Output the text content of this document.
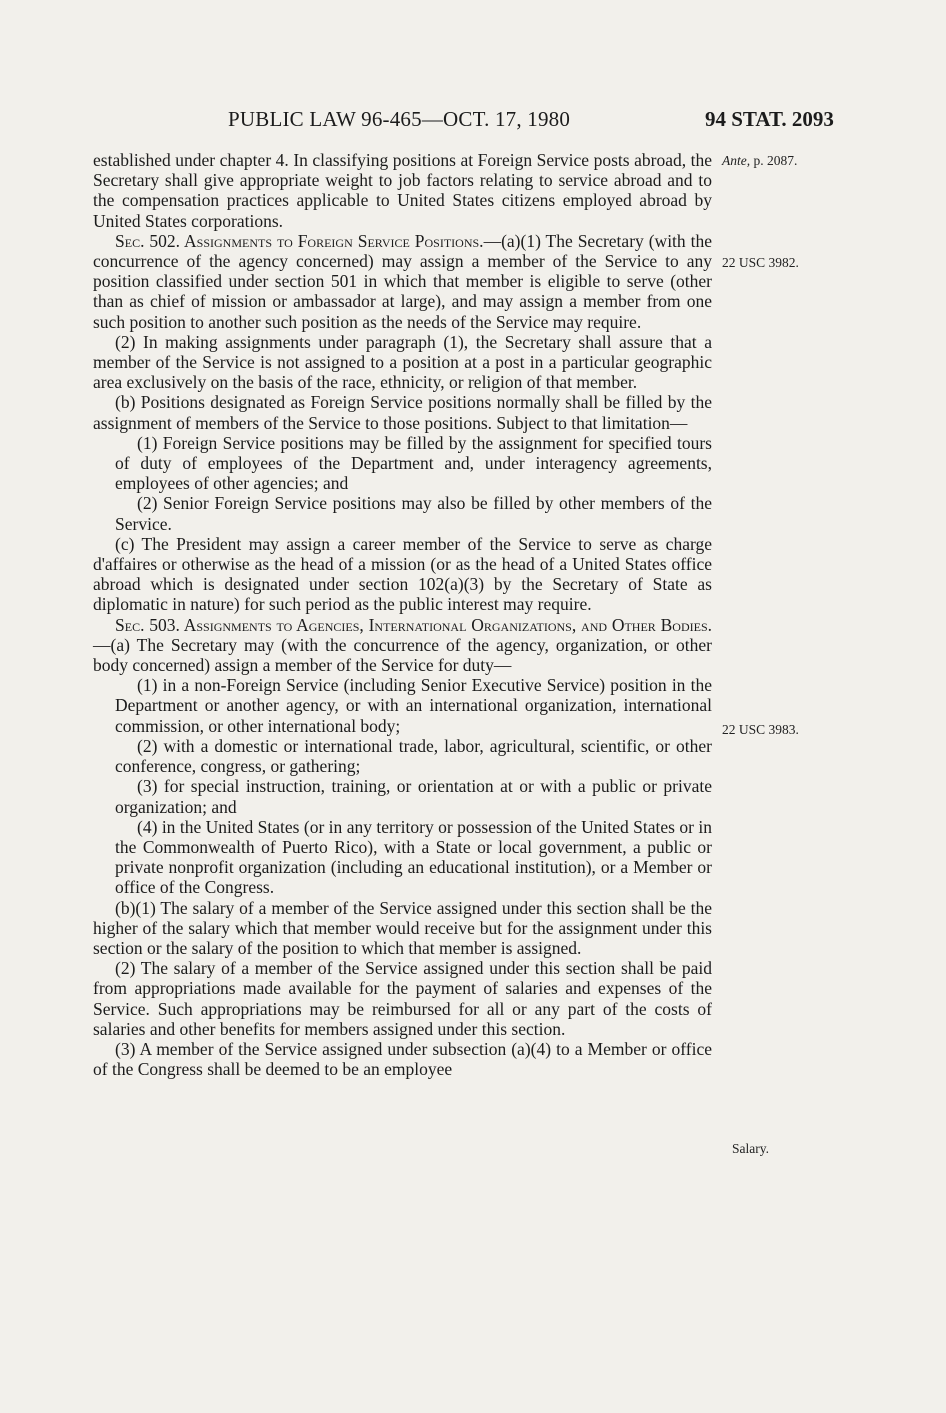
PUBLIC LAW 96-465—OCT. 17, 1980	94 STAT. 2093
Ante, p. 2087.
22 USC 3982.
22 USC 3983.
Salary.

established under chapter 4. In classifying positions at Foreign Service posts abroad, the Secretary shall give appropriate weight to job factors relating to service abroad and to the compensation practices applicable to United States citizens employed abroad by United States corporations.

Sec. 502. Assignments to Foreign Service Positions.—(a)(1) The Secretary (with the concurrence of the agency concerned) may assign a member of the Service to any position classified under section 501 in which that member is eligible to serve (other than as chief of mission or ambassador at large), and may assign a member from one such position to another such position as the needs of the Service may require.

(2) In making assignments under paragraph (1), the Secretary shall assure that a member of the Service is not assigned to a position at a post in a particular geographic area exclusively on the basis of the race, ethnicity, or religion of that member.

(b) Positions designated as Foreign Service positions normally shall be filled by the assignment of members of the Service to those positions. Subject to that limitation—

(1) Foreign Service positions may be filled by the assignment for specified tours of duty of employees of the Department and, under interagency agreements, employees of other agencies; and

(2) Senior Foreign Service positions may also be filled by other members of the Service.

(c) The President may assign a career member of the Service to serve as charge d'affaires or otherwise as the head of a mission (or as the head of a United States office abroad which is designated under section 102(a)(3) by the Secretary of State as diplomatic in nature) for such period as the public interest may require.

Sec. 503. Assignments to Agencies, International Organizations, and Other Bodies.—(a) The Secretary may (with the concurrence of the agency, organization, or other body concerned) assign a member of the Service for duty—

(1) in a non-Foreign Service (including Senior Executive Service) position in the Department or another agency, or with an international organization, international commission, or other international body;

(2) with a domestic or international trade, labor, agricultural, scientific, or other conference, congress, or gathering;

(3) for special instruction, training, or orientation at or with a public or private organization; and

(4) in the United States (or in any territory or possession of the United States or in the Commonwealth of Puerto Rico), with a State or local government, a public or private nonprofit organization (including an educational institution), or a Member or office of the Congress.

(b)(1) The salary of a member of the Service assigned under this section shall be the higher of the salary which that member would receive but for the assignment under this section or the salary of the position to which that member is assigned.

(2) The salary of a member of the Service assigned under this section shall be paid from appropriations made available for the payment of salaries and expenses of the Service. Such appropriations may be reimbursed for all or any part of the costs of salaries and other benefits for members assigned under this section.

(3) A member of the Service assigned under subsection (a)(4) to a Member or office of the Congress shall be deemed to be an employee
